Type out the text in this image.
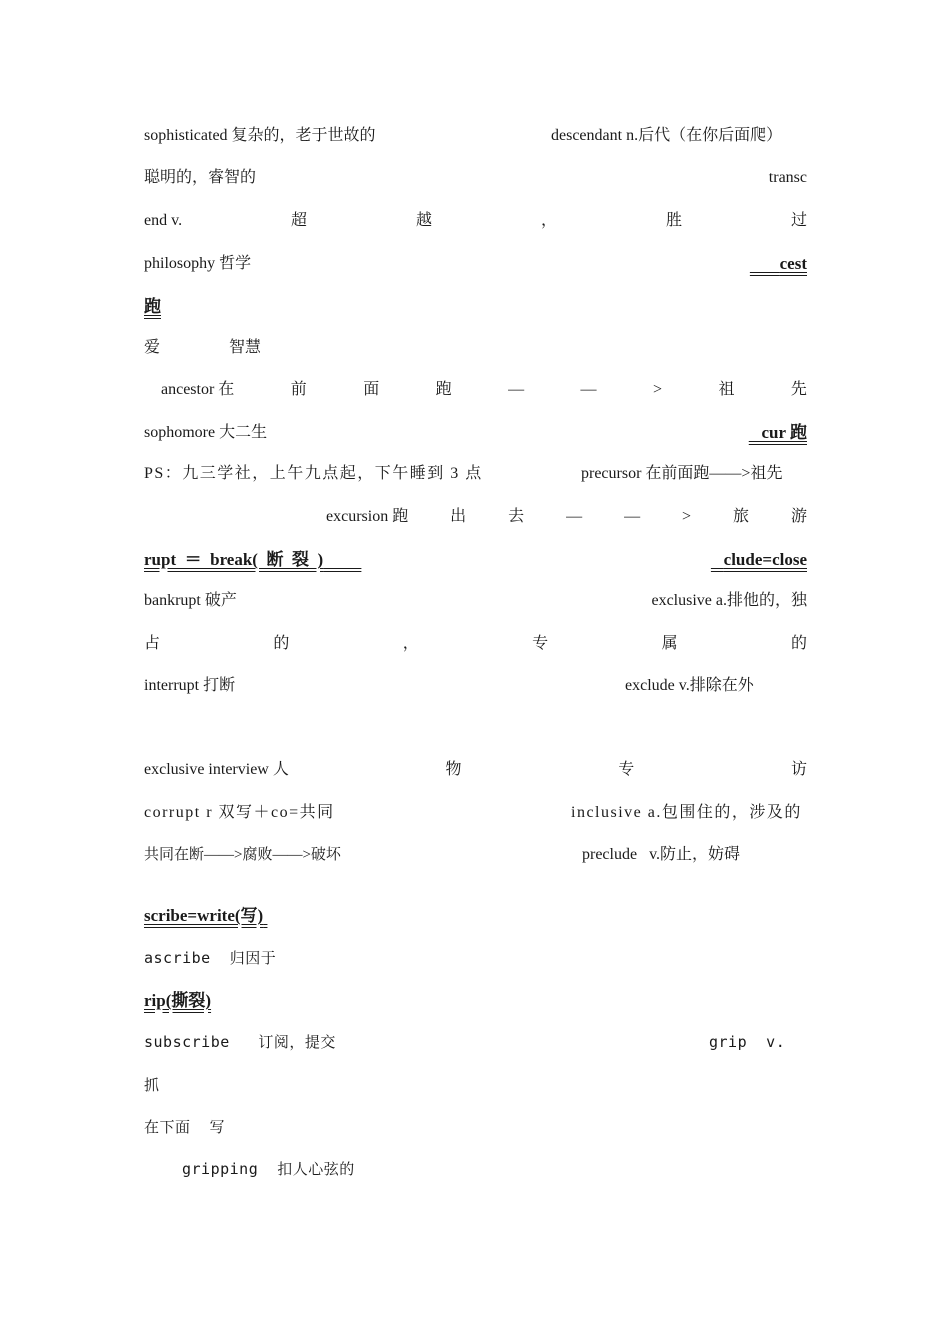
sophisticated 复杂的，老于世故的	descendant n.后代（在你后面爬）
聪明的，睿智的	transc
end v.	超	越	，	胜	过
philosophy 哲学	cest
跑
爱	智慧
ancestor 在	前	面	跑	—	—	>	祖	先
sophomore 大二生	cur 跑
PS：九三学社，上午九点起，下午睡到 3 点	precursor 在前面跑——>祖先
excursion 跑	出	去	—	—	>	旅	游
rupt  ＝  break(  断  裂  )	clude=close
bankrupt 破产	exclusive a.排他的，独
占	的	，	专	属	的
interrupt 打断	exclude v.排除在外
exclusive interview 人	物	专	访
corrupt r 双写＋co=共同	inclusive a.包围住的，涉及的
共同在断——>腐败——>破坏	preclude   v.防止，妨碍
scribe=write(写)
ascribe  归因于
rip(撕裂)
subscribe   订阅，提交	grip  v.
抓
在下面  写
gripping  扣人心弦的
